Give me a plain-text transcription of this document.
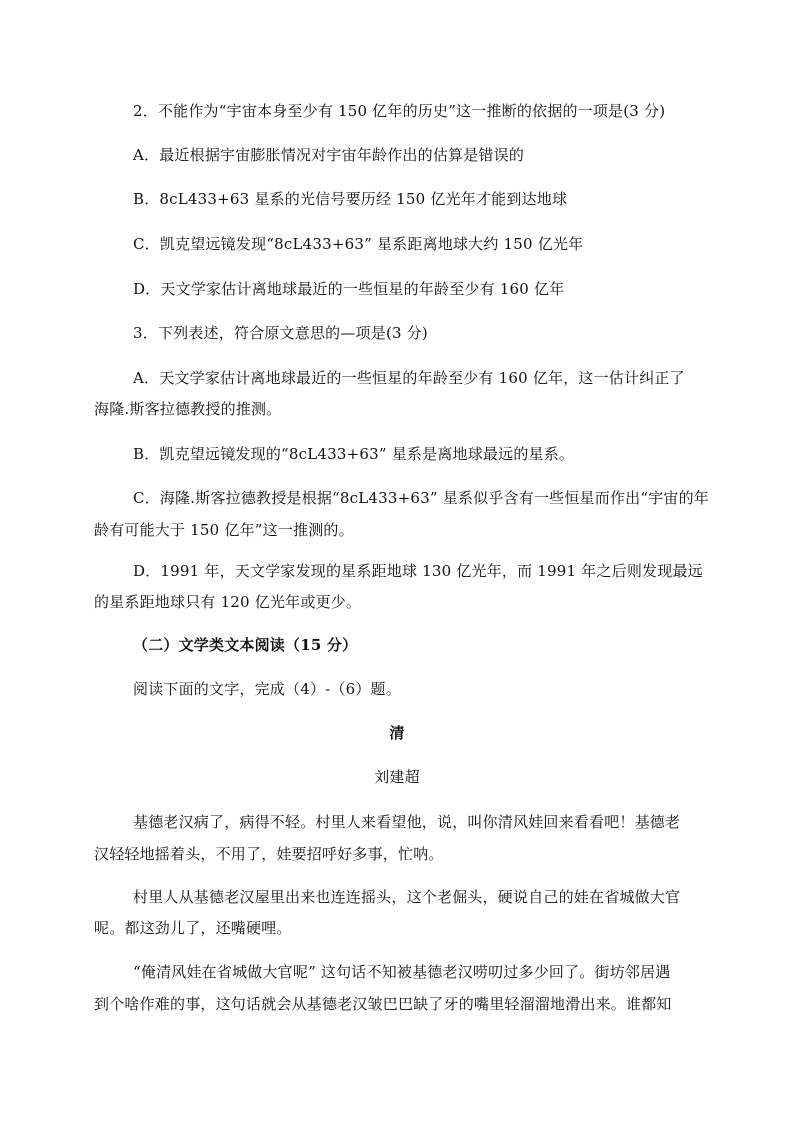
2．不能作为“宇宙本身至少有 150 亿年的历史”这一推断的依据的一项是(3 分)
A．最近根据宇宙膨胀情况对宇宙年龄作出的估算是错误的
B．8cL433+63 星系的光信号要历经 150 亿光年才能到达地球
C．凯克望远镜发现“8cL433+63” 星系距离地球大约 150 亿光年
D．天文学家估计离地球最近的一些恒星的年龄至少有 160 亿年
3．下列表述，符合原文意思的—项是(3 分)
A．天文学家估计离地球最近的一些恒星的年龄至少有 160 亿年，这一估计纠正了
海隆.斯客拉德教授的推测。
B．凯克望远镜发现的“8cL433+63” 星系是离地球最远的星系。
C．海隆.斯客拉德教授是根据“8cL433+63” 星系似乎含有一些恒星而作出“宇宙的年
龄有可能大于 150 亿年”这一推测的。
D．1991 年，天文学家发现的星系距地球 130 亿光年，而 1991 年之后则发现最远
的星系距地球只有 120 亿光年或更少。
（二）文学类文本阅读（15 分）
阅读下面的文字，完成（4）-（6）题。
清
刘建超
基德老汉病了，病得不轻。村里人来看望他，说，叫你清风娃回来看看吧！基德老
汉轻轻地摇着头，不用了，娃要招呼好多事，忙呐。
村里人从基德老汉屋里出来也连连摇头，这个老倔头，硬说自己的娃在省城做大官
呢。都这劲儿了，还嘴硬哩。
“俺清风娃在省城做大官呢” 这句话不知被基德老汉唠叨过多少回了。街坊邻居遇
到个啥作难的事，这句话就会从基德老汉皱巴巴缺了牙的嘴里轻溜溜地滑出来。谁都知
